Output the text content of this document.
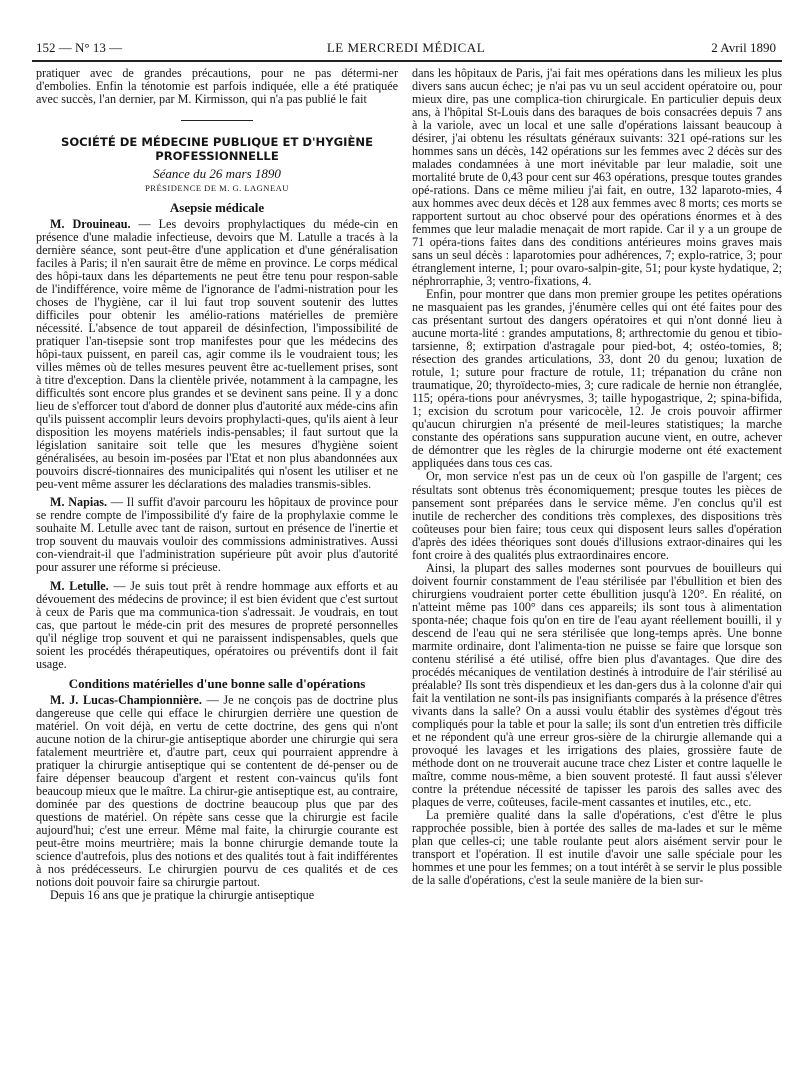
152 — N° 13 —	LE MERCREDI MÉDICAL	2 Avril 1890

pratiquer avec de grandes précautions, pour ne pas détermi-ner d'embolies. Enfin la ténotomie est parfois indiquée, elle a été pratiquée avec succès, l'an dernier, par M. Kirmisson, qui n'a pas publié le fait

SOCIÉTÉ DE MÉDECINE PUBLIQUE ET D'HYGIÈNE PROFESSIONNELLE
Séance du 26 mars 1890
PRÉSIDENCE DE M. G. LAGNEAU
Asepsie médicale

M. Drouineau. — Les devoirs prophylactiques du méde-cin en présence d'une maladie infectieuse, devoirs que M. Latulle a tracés à la dernière séance, sont peut-être d'une application et d'une généralisation faciles à Paris; il n'en saurait être de même en province. Le corps médical des hôpi-taux dans les départements ne peut être tenu pour respon-sable de l'indifférence, voire même de l'ignorance de l'admi-nistration pour les choses de l'hygiène, car il lui faut trop souvent soutenir des luttes difficiles pour obtenir les amélio-rations matérielles de première nécessité. L'absence de tout appareil de désinfection, l'impossibilité de pratiquer l'an-tisepsie sont trop manifestes pour que les médecins des hôpi-taux puissent, en pareil cas, agir comme ils le voudraient tous; les villes mêmes où de telles mesures peuvent être ac-tuellement prises, sont à titre d'exception. Dans la clientèle privée, notamment à la campagne, les difficultés sont encore plus grandes et se devinent sans peine. Il y a donc lieu de s'efforcer tout d'abord de donner plus d'autorité aux méde-cins afin qu'ils puissent accomplir leurs devoirs prophylacti-ques, qu'ils aient à leur disposition les moyens matériels indis-pensables; il faut surtout que la législation sanitaire soit telle que les mesures d'hygiène soient généralisées, au besoin im-posées par l'Etat et non plus abandonnées aux pouvoirs discré-tionnaires des municipalités qui n'osent les utiliser et ne peu-vent même assurer les déclarations des maladies transmis-sibles.

M. Napias. — Il suffit d'avoir parcouru les hôpitaux de province pour se rendre compte de l'impossibilité d'y faire de la prophylaxie comme le souhaite M. Letulle avec tant de raison, surtout en présence de l'inertie et trop souvent du mauvais vouloir des commissions administratives. Aussi con-viendrait-il que l'administration supérieure pût avoir plus d'autorité pour assurer une réforme si précieuse.

M. Letulle. — Je suis tout prêt à rendre hommage aux efforts et au dévouement des médecins de province; il est bien évident que c'est surtout à ceux de Paris que ma communica-tion s'adressait. Je voudrais, en tout cas, que partout le méde-cin prit des mesures de propreté personnelles qu'il néglige trop souvent et qui ne paraissent indispensables, quels que soient les procédés thérapeutiques, opératoires ou préventifs dont il fait usage.

Conditions matérielles d'une bonne salle d'opérations

M. J. Lucas-Championnière. — Je ne conçois pas de doctrine plus dangereuse que celle qui efface le chirurgien derrière une question de matériel. On voit déjà, en vertu de cette doctrine, des gens qui n'ont aucune notion de la chirur-gie antiseptique aborder une chirurgie qui sera fatalement meurtrière et, d'autre part, ceux qui pourraient apprendre à pratiquer la chirurgie antiseptique qui se contentent de dé-penser ou de faire dépenser beaucoup d'argent et restent con-vaincus qu'ils font beaucoup mieux que le maître. La chirur-gie antiseptique est, au contraire, dominée par des questions de doctrine beaucoup plus que par des questions de matériel. On répète sans cesse que la chirurgie est facile aujourd'hui; c'est une erreur. Même mal faite, la chirurgie courante est peut-être moins meurtrière; mais la bonne chirurgie demande toute la science d'autrefois, plus des notions et des qualités tout à fait indifférentes à nos prédécesseurs. Le chirurgien pourvu de ces qualités et de ces notions doit pouvoir faire sa chirurgie partout.

Depuis 16 ans que je pratique la chirurgie antiseptique

dans les hôpitaux de Paris, j'ai fait mes opérations dans les milieux les plus divers sans aucun échec; je n'ai pas vu un seul accident opératoire ou, pour mieux dire, pas une complica-tion chirurgicale. En particulier depuis deux ans, à l'hôpital St-Louis dans des baraques de bois consacrées depuis 7 ans à la variole, avec un local et une salle d'opérations laissant beaucoup à désirer, j'ai obtenu les résultats généraux suivants: 321 opé-rations sur les hommes sans un décès, 142 opérations sur les femmes avec 2 décès sur des malades condamnées à une mort inévitable par leur maladie, soit une mortalité brute de 0,43 pour cent sur 463 opérations, presque toutes grandes opé-rations. Dans ce même milieu j'ai fait, en outre, 132 laparoto-mies, 4 aux hommes avec deux décès et 128 aux femmes avec 8 morts; ces morts se rapportent surtout au choc observé pour des opérations énormes et à des femmes que leur maladie menaçait de mort rapide. Car il y a un groupe de 71 opéra-tions faites dans des conditions antérieures moins graves mais sans un seul décès : laparotomies pour adhérences, 7; explo-ratrice, 3; pour étranglement interne, 1; pour ovaro-salpin-gite, 51; pour kyste hydatique, 2; néphrorraphie, 3; ventro-fixations, 4.

Enfin, pour montrer que dans mon premier groupe les petites opérations ne masquaient pas les grandes, j'énumère celles qui ont été faites pour des cas présentant surtout des dangers opératoires et qui n'ont donné lieu à aucune morta-lité : grandes amputations, 8; arthrectomie du genou et tibio-tarsienne, 8; extirpation d'astragale pour pied-bot, 4; ostéo-tomies, 8; résection des grandes articulations, 33, dont 20 du genou; luxation de rotule, 1; suture pour fracture de rotule, 11; trépanation du crâne non traumatique, 20; thyroïdecto-mies, 3; cure radicale de hernie non étranglée, 115; opéra-tions pour anévrysmes, 3; taille hypogastrique, 2; spina-bifida, 1; excision du scrotum pour varicocèle, 12. Je crois pouvoir affirmer qu'aucun chirurgien n'a présenté de meil-leures statistiques; la marche constante des opérations sans suppuration aucune vient, en outre, achever de démontrer que les règles de la chirurgie moderne ont été exactement appliquées dans tous ces cas.

Or, mon service n'est pas un de ceux où l'on gaspille de l'argent; ces résultats sont obtenus très économiquement; presque toutes les pièces de pansement sont préparées dans le service même. J'en conclus qu'il est inutile de rechercher des conditions très complexes, des dispositions très coûteuses pour bien faire; tous ceux qui disposent leurs salles d'opération d'après des idées théoriques sont doués d'illusions extraor-dinaires qui les font croire à des qualités plus extraordinaires encore.

Ainsi, la plupart des salles modernes sont pourvues de bouilleurs qui doivent fournir constamment de l'eau stérilisée par l'ébullition et bien des chirurgiens voudraient porter cette ébullition jusqu'à 120°. En réalité, on n'atteint même pas 100° dans ces appareils; ils sont tous à alimentation sponta-née; chaque fois qu'on en tire de l'eau ayant réellement bouilli, il y descend de l'eau qui ne sera stérilisée que long-temps après. Une bonne marmite ordinaire, dont l'alimenta-tion ne puisse se faire que lorsque son contenu stérilisé a été utilisé, offre bien plus d'avantages. Que dire des procédés mécaniques de ventilation destinés à introduire de l'air stérilisé au préalable? Ils sont très dispendieux et les dan-gers dus à la colonne d'air qui fait la ventilation ne sont-ils pas insignifiants comparés à la présence d'êtres vivants dans la salle? On a aussi voulu établir des systèmes d'égout très compliqués pour la table et pour la salle; ils sont d'un entretien très difficile et ne répondent qu'à une erreur gros-sière de la chirurgie allemande qui a provoqué les lavages et les irrigations des plaies, grossière faute de méthode dont on ne trouverait aucune trace chez Lister et contre laquelle le maître, comme nous-même, a bien souvent protesté. Il faut aussi s'élever contre la prétendue nécessité de tapisser les parois des salles avec des plaques de verre, coûteuses, facile-ment cassantes et inutiles, etc., etc.

La première qualité dans la salle d'opérations, c'est d'être le plus rapprochée possible, bien à portée des salles de ma-lades et sur le même plan que celles-ci; une table roulante peut alors aisément servir pour le transport et l'opération. Il est inutile d'avoir une salle spéciale pour les hommes et une pour les femmes; on a tout intérêt à se servir le plus possible de la salle d'opérations, c'est la seule manière de la bien sur-
